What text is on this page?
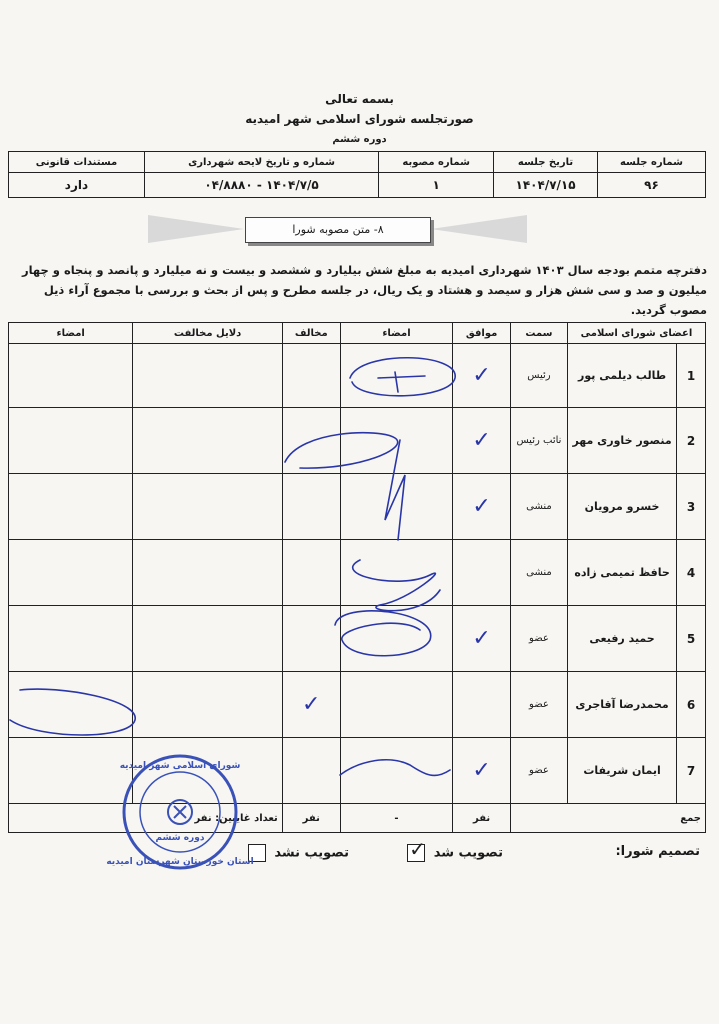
بسمه تعالی
صورتجلسه شورای اسلامی شهر امیدیه
دوره ششم
شماره جلسه	تاریخ جلسه	شماره مصوبه	شماره و تاریخ لایحه شهرداری	مستندات قانونی
۹۶	۱۴۰۴/۷/۱۵	۱	۱۴۰۴/۷/۵ - ۰۴/۸۸۸۰	دارد
۸- متن مصوبه شورا
دفترچه متمم بودجه سال ۱۴۰۳ شهرداری امیدیه به مبلغ شش بیلیارد و ششصد و بیست و نه میلیارد و پانصد و پنجاه و چهار میلیون و صد و سی شش هزار و سیصد و هشتاد و یک ریال، در جلسه مطرح و پس از بحث و بررسی با مجموع آراء ذیل مصوب گردید.
اعضای شورای اسلامی		سمت	موافق	امضاء	مخالف	دلایل مخالفت	امضاء
1	طالب دیلمی پور	رئیس	✓				
2	منصور خاوری مهر	نائب رئیس	✓				
3	خسرو مرویان	منشی	✓				
4	حافظ تمیمی زاده	منشی					
5	حمید رفیعی	عضو	✓				
6	محمدرضا آقاجری	عضو			✓		
7	ایمان شریفات	عضو	✓				
جمع			نفر	-	نفر	تعداد غایبین: نفر	
تصمیم شورا:
تصویب شد
✓
تصویب نشد
شورای اسلامی شهر امیدیه
دوره ششم
استان خوزستان شهرستان امیدیه
